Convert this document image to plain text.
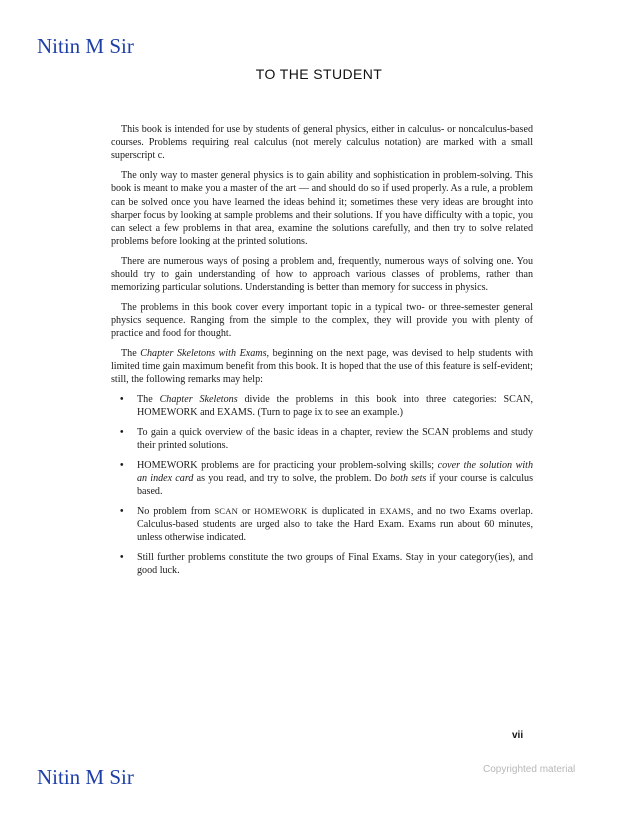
Nitin M Sir
TO THE STUDENT

This book is intended for use by students of general physics, either in calculus- or noncalculus-based courses. Problems requiring real calculus (not merely calculus notation) are marked with a small superscript c.

The only way to master general physics is to gain ability and sophistication in problem-solving. This book is meant to make you a master of the art — and should do so if used properly. As a rule, a problem can be solved once you have learned the ideas behind it; sometimes these very ideas are brought into sharper focus by looking at sample problems and their solutions. If you have difficulty with a topic, you can select a few problems in that area, examine the solutions carefully, and then try to solve related problems before looking at the printed solutions.

There are numerous ways of posing a problem and, frequently, numerous ways of solving one. You should try to gain understanding of how to approach various classes of problems, rather than memorizing particular solutions. Understanding is better than memory for success in physics.

The problems in this book cover every important topic in a typical two- or three-semester general physics sequence. Ranging from the simple to the complex, they will provide you with plenty of practice and food for thought.

The Chapter Skeletons with Exams, beginning on the next page, was devised to help students with limited time gain maximum benefit from this book. It is hoped that the use of this feature is self-evident; still, the following remarks may help:

• The Chapter Skeletons divide the problems in this book into three categories: SCAN, HOMEWORK and EXAMS. (Turn to page ix to see an example.)
• To gain a quick overview of the basic ideas in a chapter, review the SCAN problems and study their printed solutions.
• HOMEWORK problems are for practicing your problem-solving skills; cover the solution with an index card as you read, and try to solve, the problem. Do both sets if your course is calculus based.
• No problem from SCAN or HOMEWORK is duplicated in EXAMS, and no two Exams overlap. Calculus-based students are urged also to take the Hard Exam. Exams run about 60 minutes, unless otherwise indicated.
• Still further problems constitute the two groups of Final Exams. Stay in your category(ies), and good luck.
vii
Nitin M Sir	Copyrighted material
